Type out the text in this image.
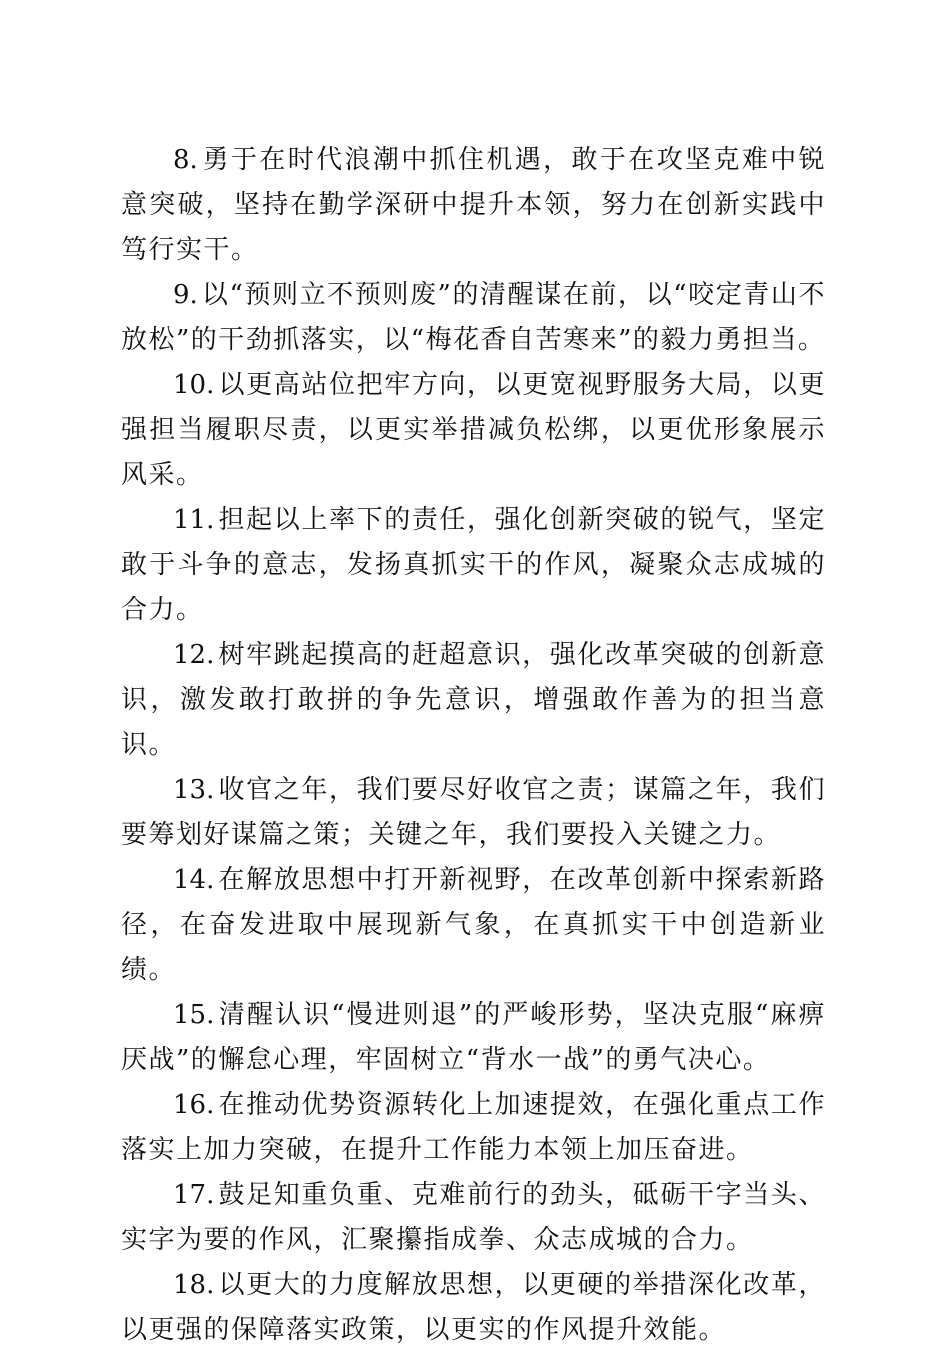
8. 勇于在时代浪潮中抓住机遇，敢于在攻坚克难中锐意突破，坚持在勤学深研中提升本领，努力在创新实践中笃行实干。

9. 以“预则立不预则废”的清醒谋在前，以“咬定青山不放松”的干劲抓落实，以“梅花香自苦寒来”的毅力勇担当。

10. 以更高站位把牢方向，以更宽视野服务大局，以更强担当履职尽责，以更实举措减负松绑，以更优形象展示风采。

11. 担起以上率下的责任，强化创新突破的锐气，坚定敢于斗争的意志，发扬真抓实干的作风，凝聚众志成城的合力。

12. 树牢跳起摸高的赶超意识，强化改革突破的创新意识，激发敢打敢拼的争先意识，增强敢作善为的担当意识。

13. 收官之年，我们要尽好收官之责；谋篇之年，我们要筹划好谋篇之策；关键之年，我们要投入关键之力。

14. 在解放思想中打开新视野，在改革创新中探索新路径，在奋发进取中展现新气象，在真抓实干中创造新业绩。

15. 清醒认识“慢进则退”的严峻形势，坚决克服“麻痹厌战”的懈怠心理，牢固树立“背水一战”的勇气决心。

16. 在推动优势资源转化上加速提效，在强化重点工作落实上加力突破，在提升工作能力本领上加压奋进。

17. 鼓足知重负重、克难前行的劲头，砥砺干字当头、实字为要的作风，汇聚攥指成拳、众志成城的合力。

18. 以更大的力度解放思想，以更硬的举措深化改革，以更强的保障落实政策，以更实的作风提升效能。
